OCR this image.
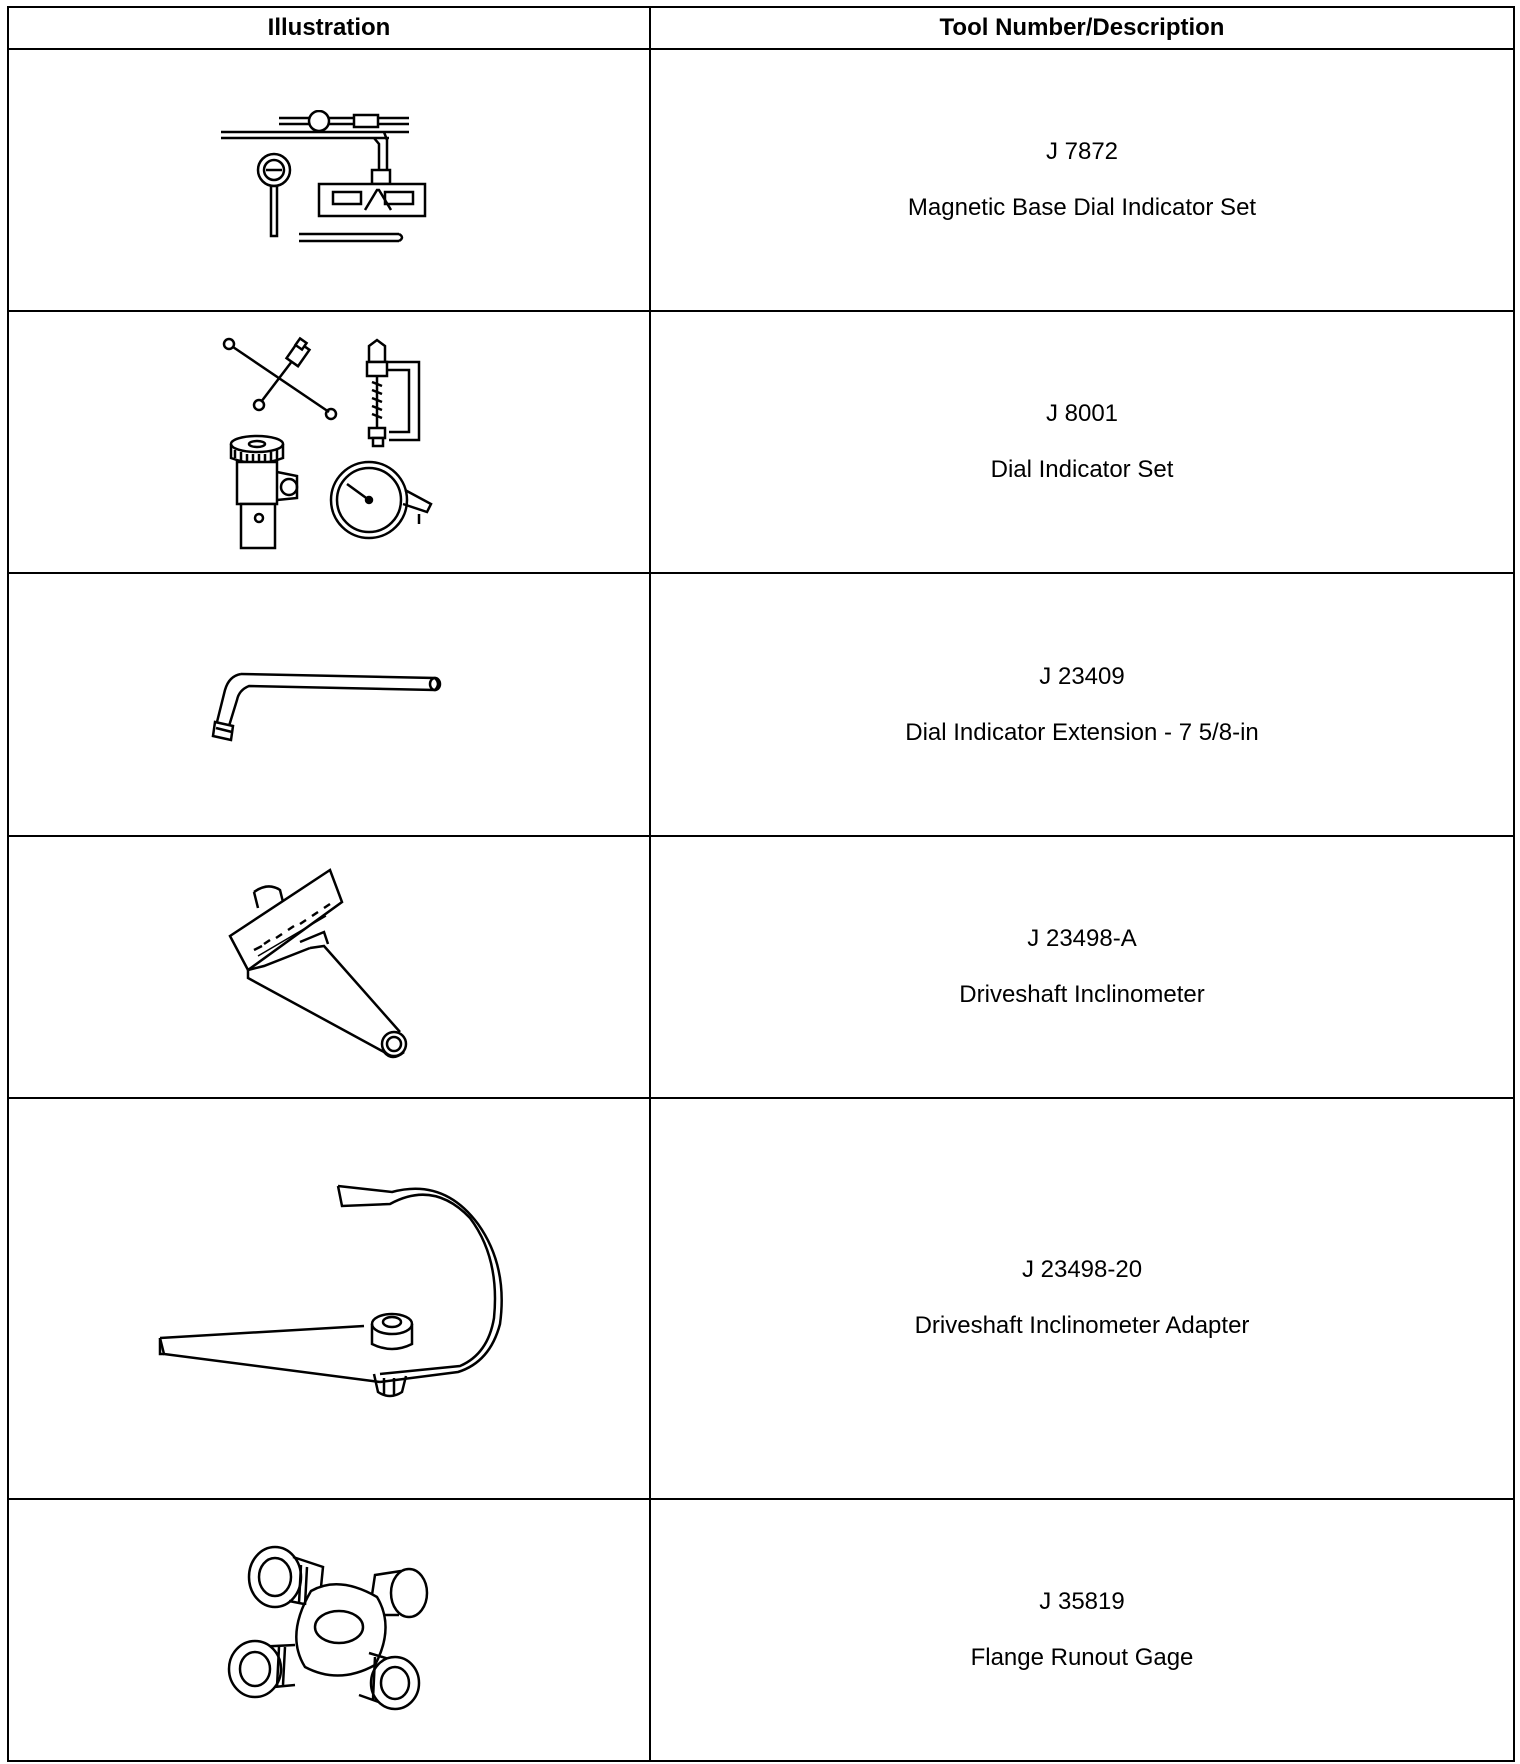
Illustration	Tool Number/Description

J 7872
Magnetic Base Dial Indicator Set

J 8001
Dial Indicator Set

J 23409
Dial Indicator Extension - 7 5/8-in

J 23498-A
Driveshaft Inclinometer

J 23498-20
Driveshaft Inclinometer Adapter

J 35819
Flange Runout Gage
